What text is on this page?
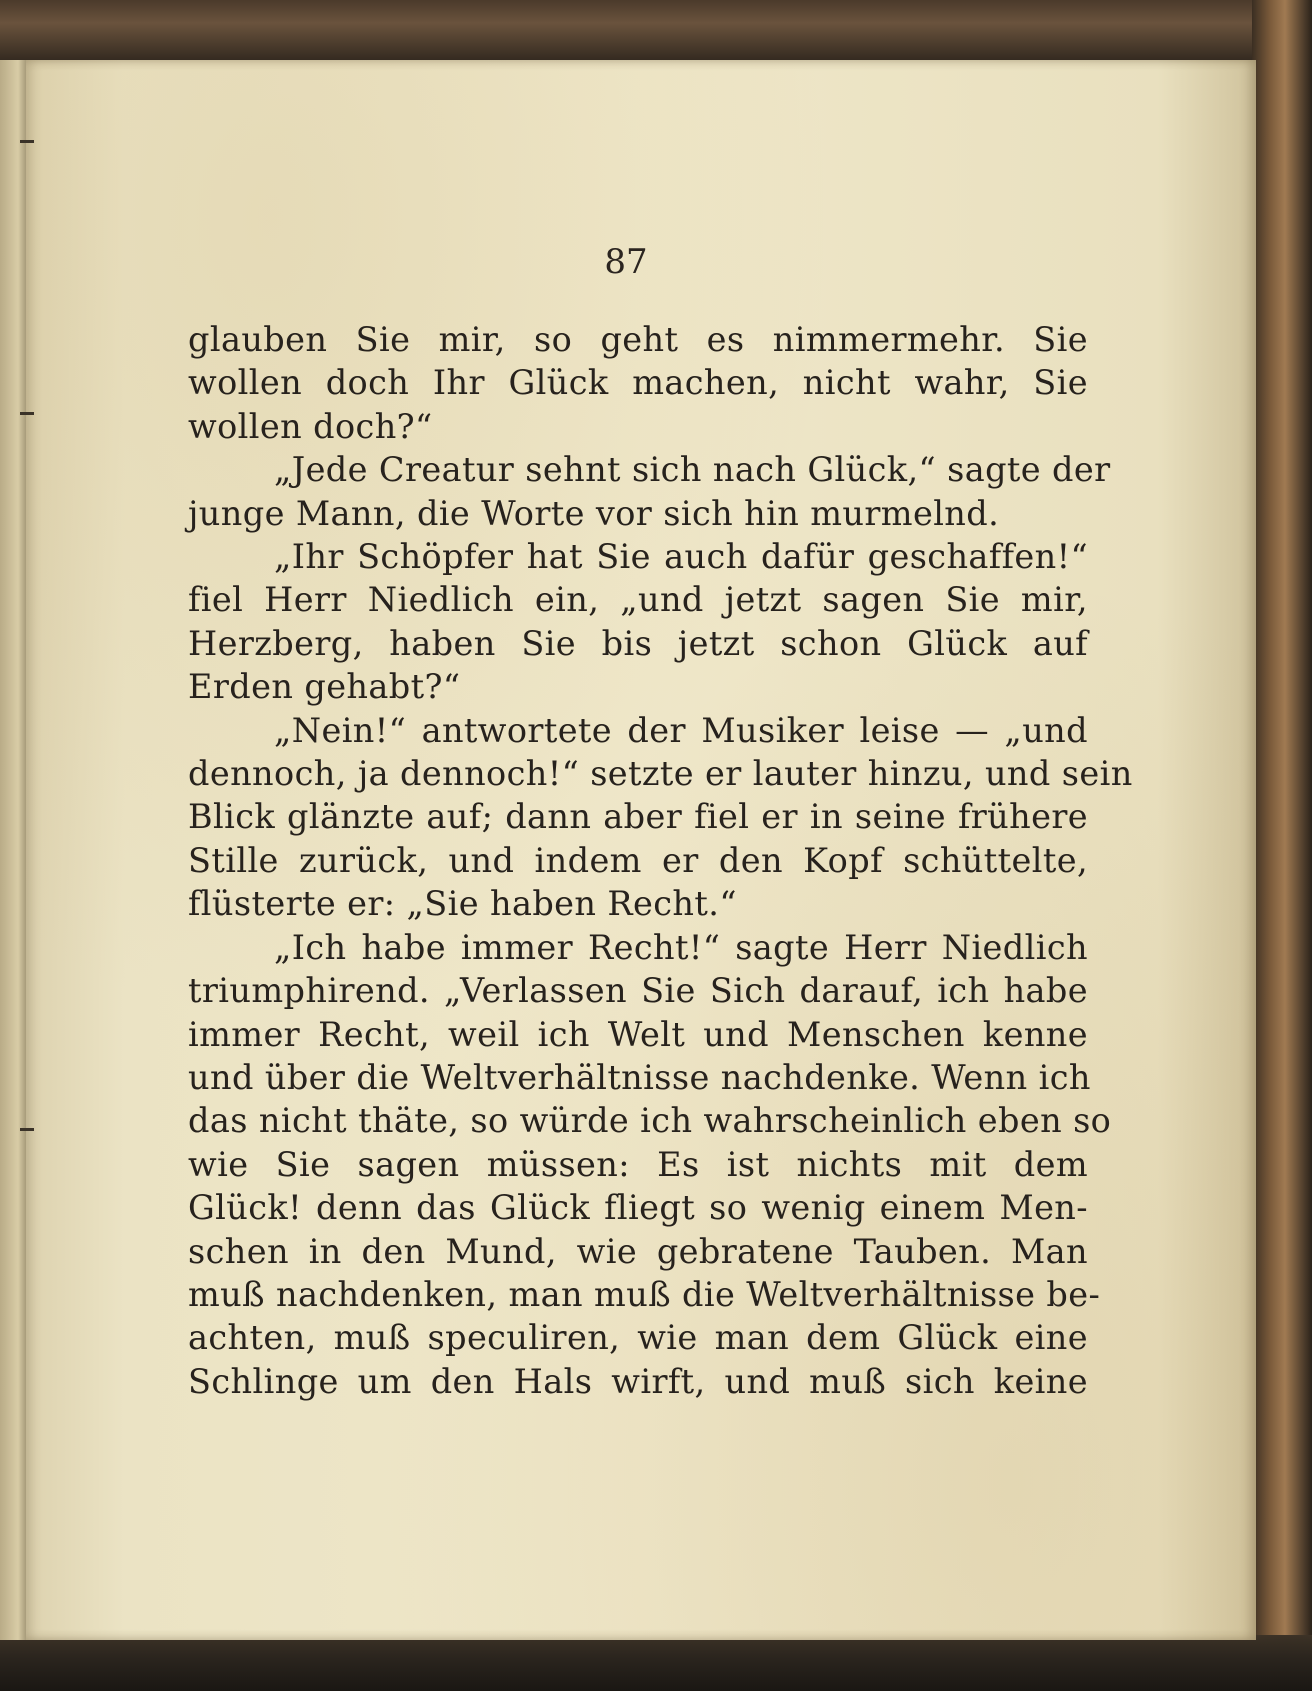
87
glauben Sie mir, so geht es nimmermehr. Sie
wollen doch Ihr Glück machen, nicht wahr, Sie
wollen doch?“
„Jede Creatur sehnt sich nach Glück,“ sagte der
junge Mann, die Worte vor sich hin murmelnd.
„Ihr Schöpfer hat Sie auch dafür geschaffen!“
fiel Herr Niedlich ein, „und jetzt sagen Sie mir,
Herzberg, haben Sie bis jetzt schon Glück auf
Erden gehabt?“
„Nein!“ antwortete der Musiker leise — „und
dennoch, ja dennoch!“ setzte er lauter hinzu, und sein
Blick glänzte auf; dann aber fiel er in seine frühere
Stille zurück, und indem er den Kopf schüttelte,
flüsterte er: „Sie haben Recht.“
„Ich habe immer Recht!“ sagte Herr Niedlich
triumphirend. „Verlassen Sie Sich darauf, ich habe
immer Recht, weil ich Welt und Menschen kenne
und über die Weltverhältnisse nachdenke. Wenn ich
das nicht thäte, so würde ich wahrscheinlich eben so
wie Sie sagen müssen: Es ist nichts mit dem
Glück! denn das Glück fliegt so wenig einem Men-
schen in den Mund, wie gebratene Tauben. Man
muß nachdenken, man muß die Weltverhältnisse be-
achten, muß speculiren, wie man dem Glück eine
Schlinge um den Hals wirft, und muß sich keine
